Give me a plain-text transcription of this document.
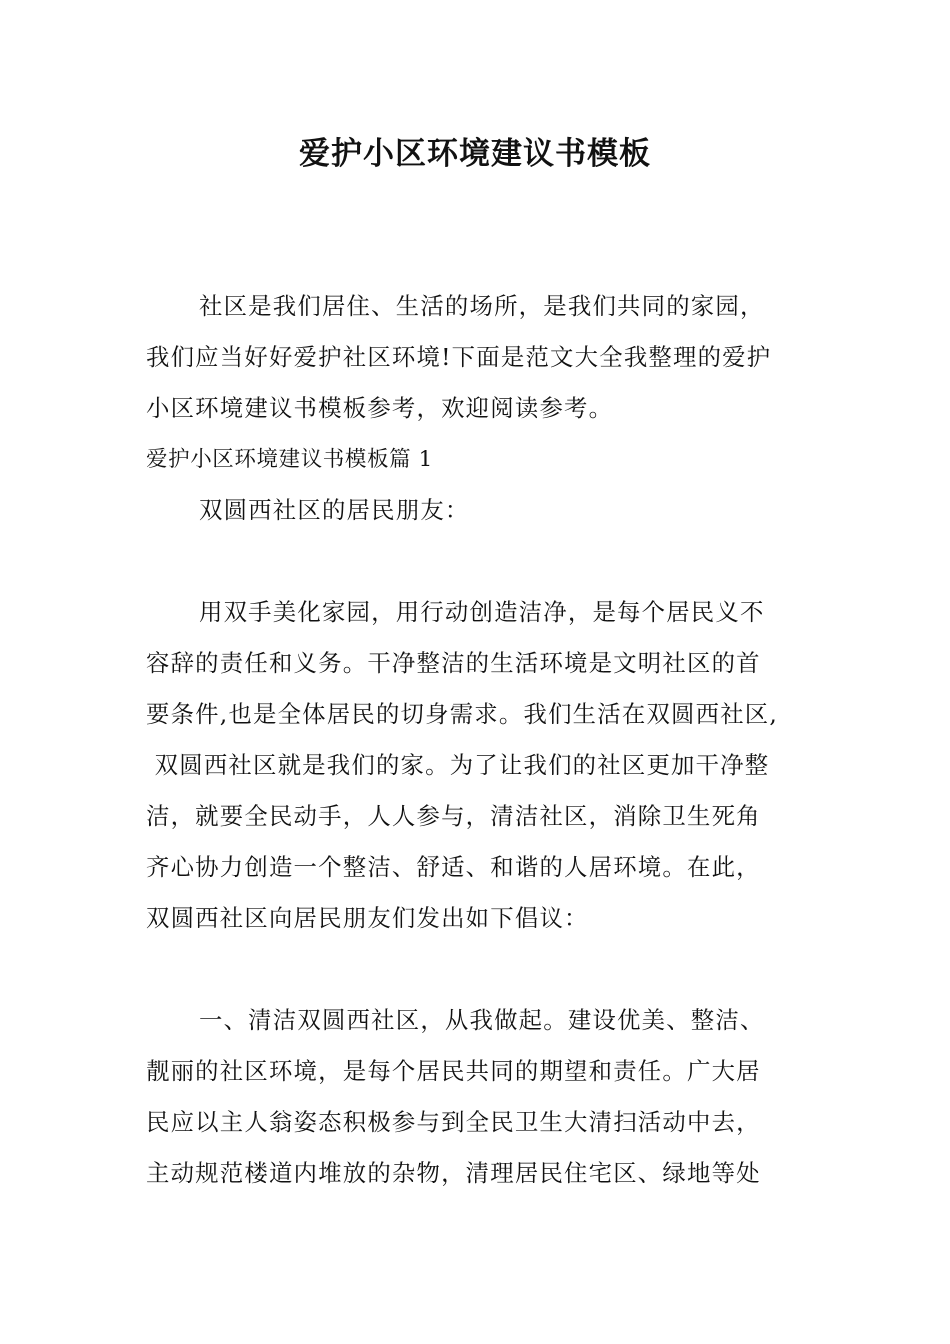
爱护小区环境建议书模板
社区是我们居住、生活的场所，是我们共同的家园，
我们应当好好爱护社区环境!下面是范文大全我整理的爱护
小区环境建议书模板参考，欢迎阅读参考。
爱护小区环境建议书模板篇 1
双圆西社区的居民朋友：
用双手美化家园，用行动创造洁净，是每个居民义不
容辞的责任和义务。干净整洁的生活环境是文明社区的首
要条件,也是全体居民的切身需求。我们生活在双圆西社区,
双圆西社区就是我们的家。为了让我们的社区更加干净整
洁，就要全民动手，人人参与，清洁社区，消除卫生死角
齐心协力创造一个整洁、舒适、和谐的人居环境。在此，
双圆西社区向居民朋友们发出如下倡议：
一、清洁双圆西社区，从我做起。建设优美、整洁、
靓丽的社区环境，是每个居民共同的期望和责任。广大居
民应以主人翁姿态积极参与到全民卫生大清扫活动中去，
主动规范楼道内堆放的杂物，清理居民住宅区、绿地等处
